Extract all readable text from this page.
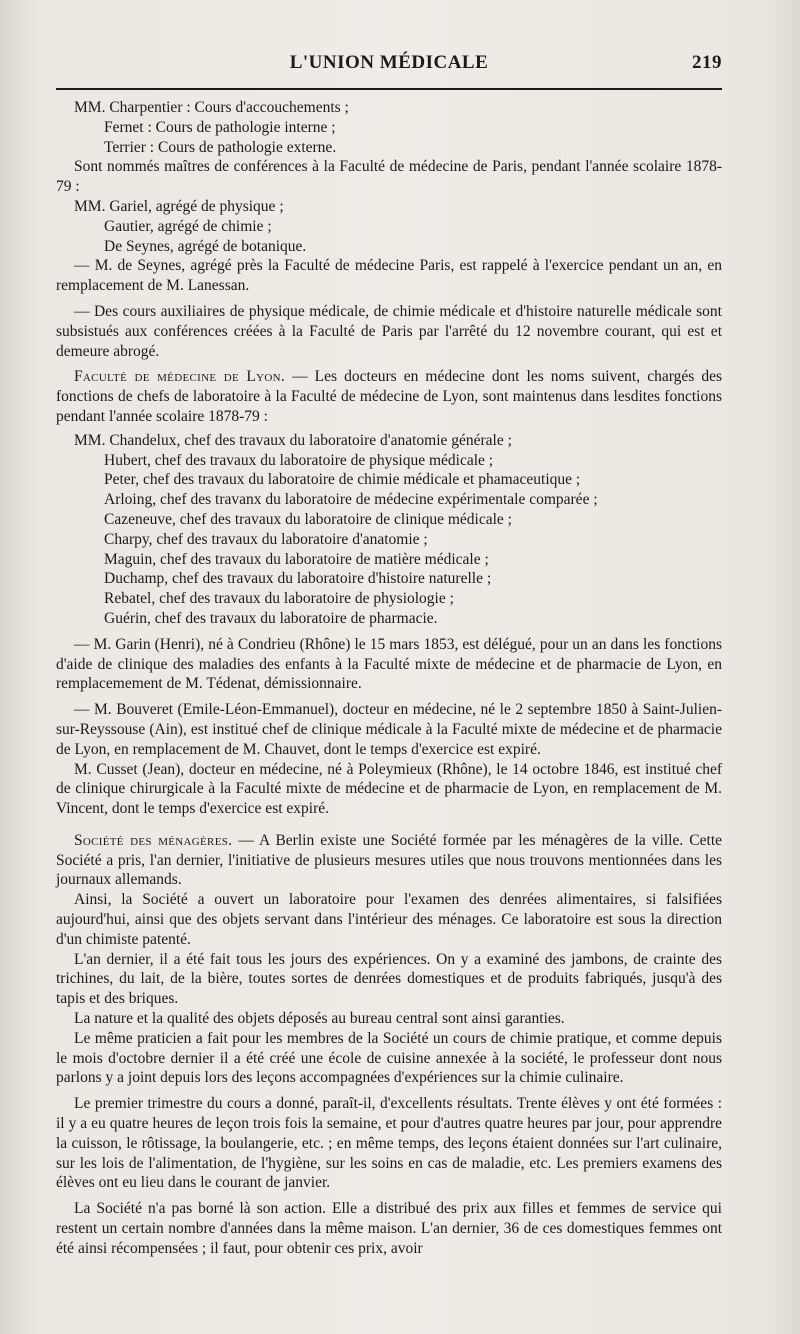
L'UNION MÉDICALE	219
MM. Charpentier : Cours d'accouchements ;
Fernet : Cours de pathologie interne ;
Terrier : Cours de pathologie externe.

Sont nommés maîtres de conférences à la Faculté de médecine de Paris, pendant l'année scolaire 1878-79 :

MM. Gariel, agrégé de physique ;
Gautier, agrégé de chimie ;
De Seynes, agrégé de botanique.

— M. de Seynes, agrégé près la Faculté de médecine Paris, est rappelé à l'exercice pendant un an, en remplacement de M. Lanessan.

— Des cours auxiliaires de physique médicale, de chimie médicale et d'histoire naturelle médicale sont subsistués aux conférences créées à la Faculté de Paris par l'arrêté du 12 novembre courant, qui est et demeure abrogé.

Faculté de médecine de Lyon. — Les docteurs en médecine dont les noms suivent, chargés des fonctions de chefs de laboratoire à la Faculté de médecine de Lyon, sont maintenus dans lesdites fonctions pendant l'année scolaire 1878-79 :

MM. Chandelux, chef des travaux du laboratoire d'anatomie générale ;
Hubert, chef des travaux du laboratoire de physique médicale ;
Peter, chef des travaux du laboratoire de chimie médicale et phamaceutique ;
Arloing, chef des travanx du laboratoire de médecine expérimentale comparée ;
Cazeneuve, chef des travaux du laboratoire de clinique médicale ;
Charpy, chef des travaux du laboratoire d'anatomie ;
Maguin, chef des travaux du laboratoire de matière médicale ;
Duchamp, chef des travaux du laboratoire d'histoire naturelle ;
Rebatel, chef des travaux du laboratoire de physiologie ;
Guérin, chef des travaux du laboratoire de pharmacie.

— M. Garin (Henri), né à Condrieu (Rhône) le 15 mars 1853, est délégué, pour un an dans les fonctions d'aide de clinique des maladies des enfants à la Faculté mixte de médecine et de pharmacie de Lyon, en remplacemement de M. Tédenat, démissionnaire.

— M. Bouveret (Emile-Léon-Emmanuel), docteur en médecine, né le 2 septembre 1850 à Saint-Julien-sur-Reyssouse (Ain), est institué chef de clinique médicale à la Faculté mixte de médecine et de pharmacie de Lyon, en remplacement de M. Chauvet, dont le temps d'exercice est expiré.

M. Cusset (Jean), docteur en médecine, né à Poleymieux (Rhône), le 14 octobre 1846, est institué chef de clinique chirurgicale à la Faculté mixte de médecine et de pharmacie de Lyon, en remplacement de M. Vincent, dont le temps d'exercice est expiré.

Société des ménagères. — A Berlin existe une Société formée par les ménagères de la ville. Cette Société a pris, l'an dernier, l'initiative de plusieurs mesures utiles que nous trouvons mentionnées dans les journaux allemands.

Ainsi, la Société a ouvert un laboratoire pour l'examen des denrées alimentaires, si falsifiées aujourd'hui, ainsi que des objets servant dans l'intérieur des ménages. Ce laboratoire est sous la direction d'un chimiste patenté.

L'an dernier, il a été fait tous les jours des expériences. On y a examiné des jambons, de crainte des trichines, du lait, de la bière, toutes sortes de denrées domestiques et de produits fabriqués, jusqu'à des tapis et des briques.

La nature et la qualité des objets déposés au bureau central sont ainsi garanties.

Le même praticien a fait pour les membres de la Société un cours de chimie pratique, et comme depuis le mois d'octobre dernier il a été créé une école de cuisine annexée à la société, le professeur dont nous parlons y a joint depuis lors des leçons accompagnées d'expériences sur la chimie culinaire.

Le premier trimestre du cours a donné, paraît-il, d'excellents résultats. Trente élèves y ont été formées : il y a eu quatre heures de leçon trois fois la semaine, et pour d'autres quatre heures par jour, pour apprendre la cuisson, le rôtissage, la boulangerie, etc. ; en même temps, des leçons étaient données sur l'art culinaire, sur les lois de l'alimentation, de l'hygiène, sur les soins en cas de maladie, etc. Les premiers examens des élèves ont eu lieu dans le courant de janvier.

La Société n'a pas borné là son action. Elle a distribué des prix aux filles et femmes de service qui restent un certain nombre d'années dans la même maison. L'an dernier, 36 de ces domestiques femmes ont été ainsi récompensées ; il faut, pour obtenir ces prix, avoir
